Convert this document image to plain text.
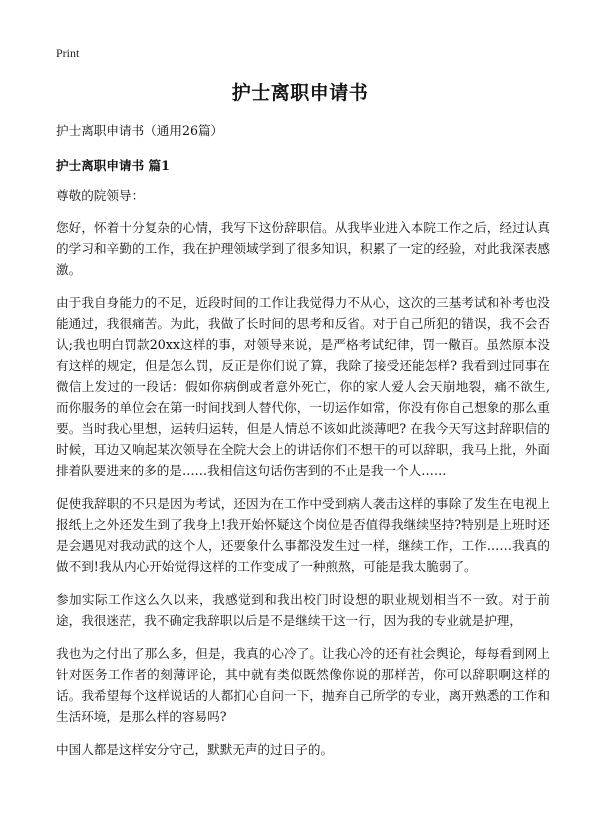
Print
护士离职申请书

护士离职申请书（通用26篇）

护士离职申请书 篇1

尊敬的院领导：

您好，怀着十分复杂的心情，我写下这份辞职信。从我毕业进入本院工作之后，经过认真的学习和辛勤的工作，我在护理领域学到了很多知识，积累了一定的经验，对此我深表感激。

由于我自身能力的不足，近段时间的工作让我觉得力不从心，这次的三基考试和补考也没能通过，我很痛苦。为此，我做了长时间的思考和反省。对于自己所犯的错误，我不会否认;我也明白罚款20xx这样的事，对领导来说，是严格考试纪律，罚一儆百。虽然原本没有这样的规定，但是怎么罚，反正是你们说了算，我除了接受还能怎样? 我看到过同事在微信上发过的一段话：假如你病倒或者意外死亡，你的家人爱人会天崩地裂，痛不欲生,而你服务的单位会在第一时间找到人替代你，一切运作如常，你没有你自己想象的那么重要。当时我心里想，运转归运转，但是人情总不该如此淡薄吧? 在我今天写这封辞职信的时候，耳边又响起某次领导在全院大会上的讲话你们不想干的可以辞职，我马上批，外面排着队要进来的多的是……我相信这句话伤害到的不止是我一个人……

促使我辞职的不只是因为考试，还因为在工作中受到病人袭击这样的事除了发生在电视上报纸上之外还发生到了我身上!我开始怀疑这个岗位是否值得我继续坚持?特别是上班时还是会遇见对我动武的这个人，还要象什么事都没发生过一样，继续工作，工作……我真的做不到!我从内心开始觉得这样的工作变成了一种煎熬，可能是我太脆弱了。

参加实际工作这么久以来，我感觉到和我出校门时设想的职业规划相当不一致。对于前途，我很迷茫，我不确定我辞职以后是不是继续干这一行，因为我的专业就是护理，

我也为之付出了那么多，但是，我真的心冷了。让我心冷的还有社会舆论，每每看到网上针对医务工作者的刻薄评论，其中就有类似既然像你说的那样苦，你可以辞职啊这样的话。我希望每个这样说话的人都扪心自问一下，抛弃自己所学的专业，离开熟悉的工作和生活环境，是那么样的容易吗?

中国人都是这样安分守己，默默无声的过日子的。
